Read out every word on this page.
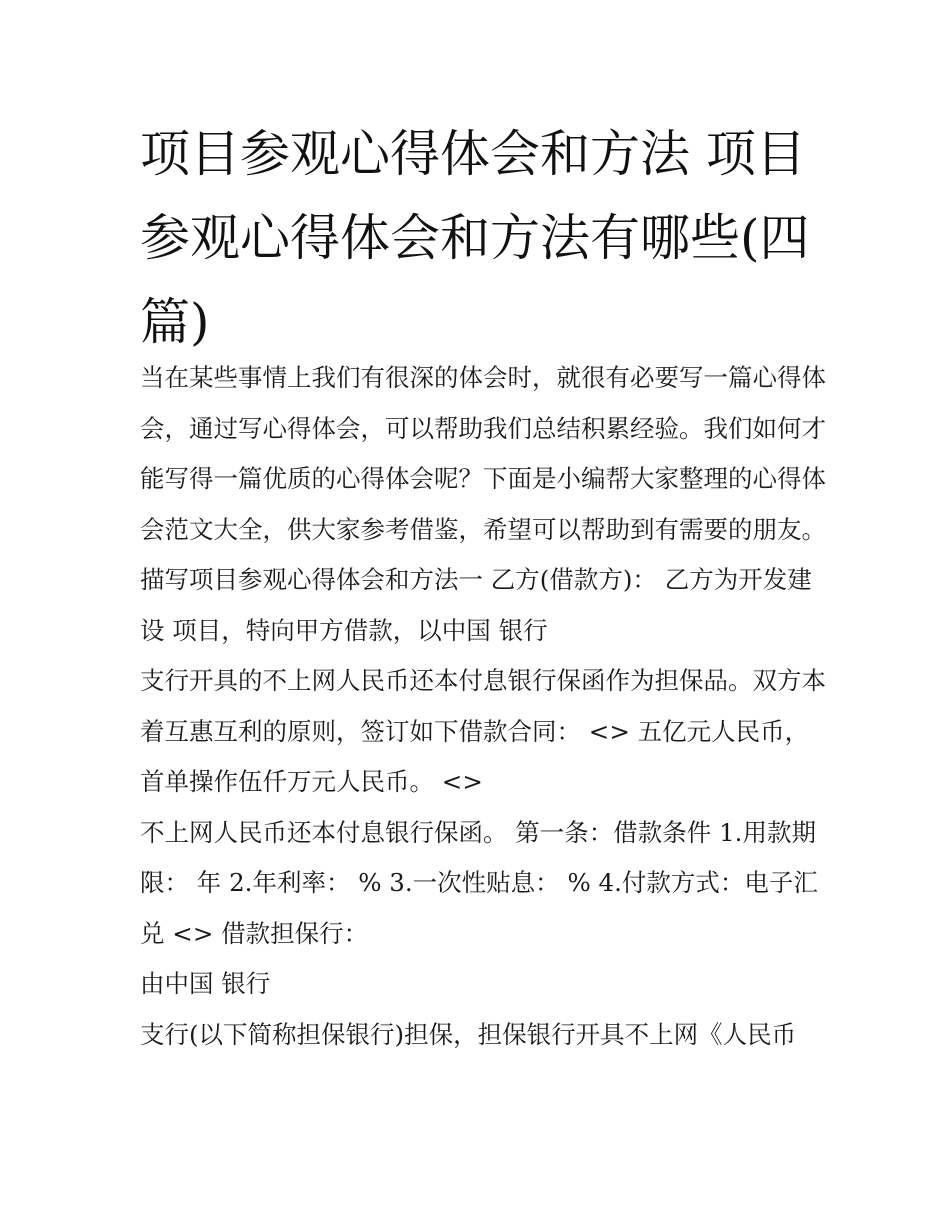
项目参观心得体会和方法 项目参观心得体会和方法有哪些(四篇)

当在某些事情上我们有很深的体会时，就很有必要写一篇心得体会，通过写心得体会，可以帮助我们总结积累经验。我们如何才能写得一篇优质的心得体会呢？下面是小编帮大家整理的心得体会范文大全，供大家参考借鉴，希望可以帮助到有需要的朋友。

描写项目参观心得体会和方法一 乙方(借款方)： 乙方为开发建设 项目，特向甲方借款，以中国 银行

支行开具的不上网人民币还本付息银行保函作为担保品。双方本着互惠互利的原则，签订如下借款合同： <> 五亿元人民币，首单操作伍仟万元人民币。 <>

不上网人民币还本付息银行保函。 第一条：借款条件 1.用款期限： 年 2.年利率： % 3.一次性贴息： % 4.付款方式：电子汇兑 <> 借款担保行：

由中国 银行

支行(以下简称担保银行)担保，担保银行开具不上网《人民币
